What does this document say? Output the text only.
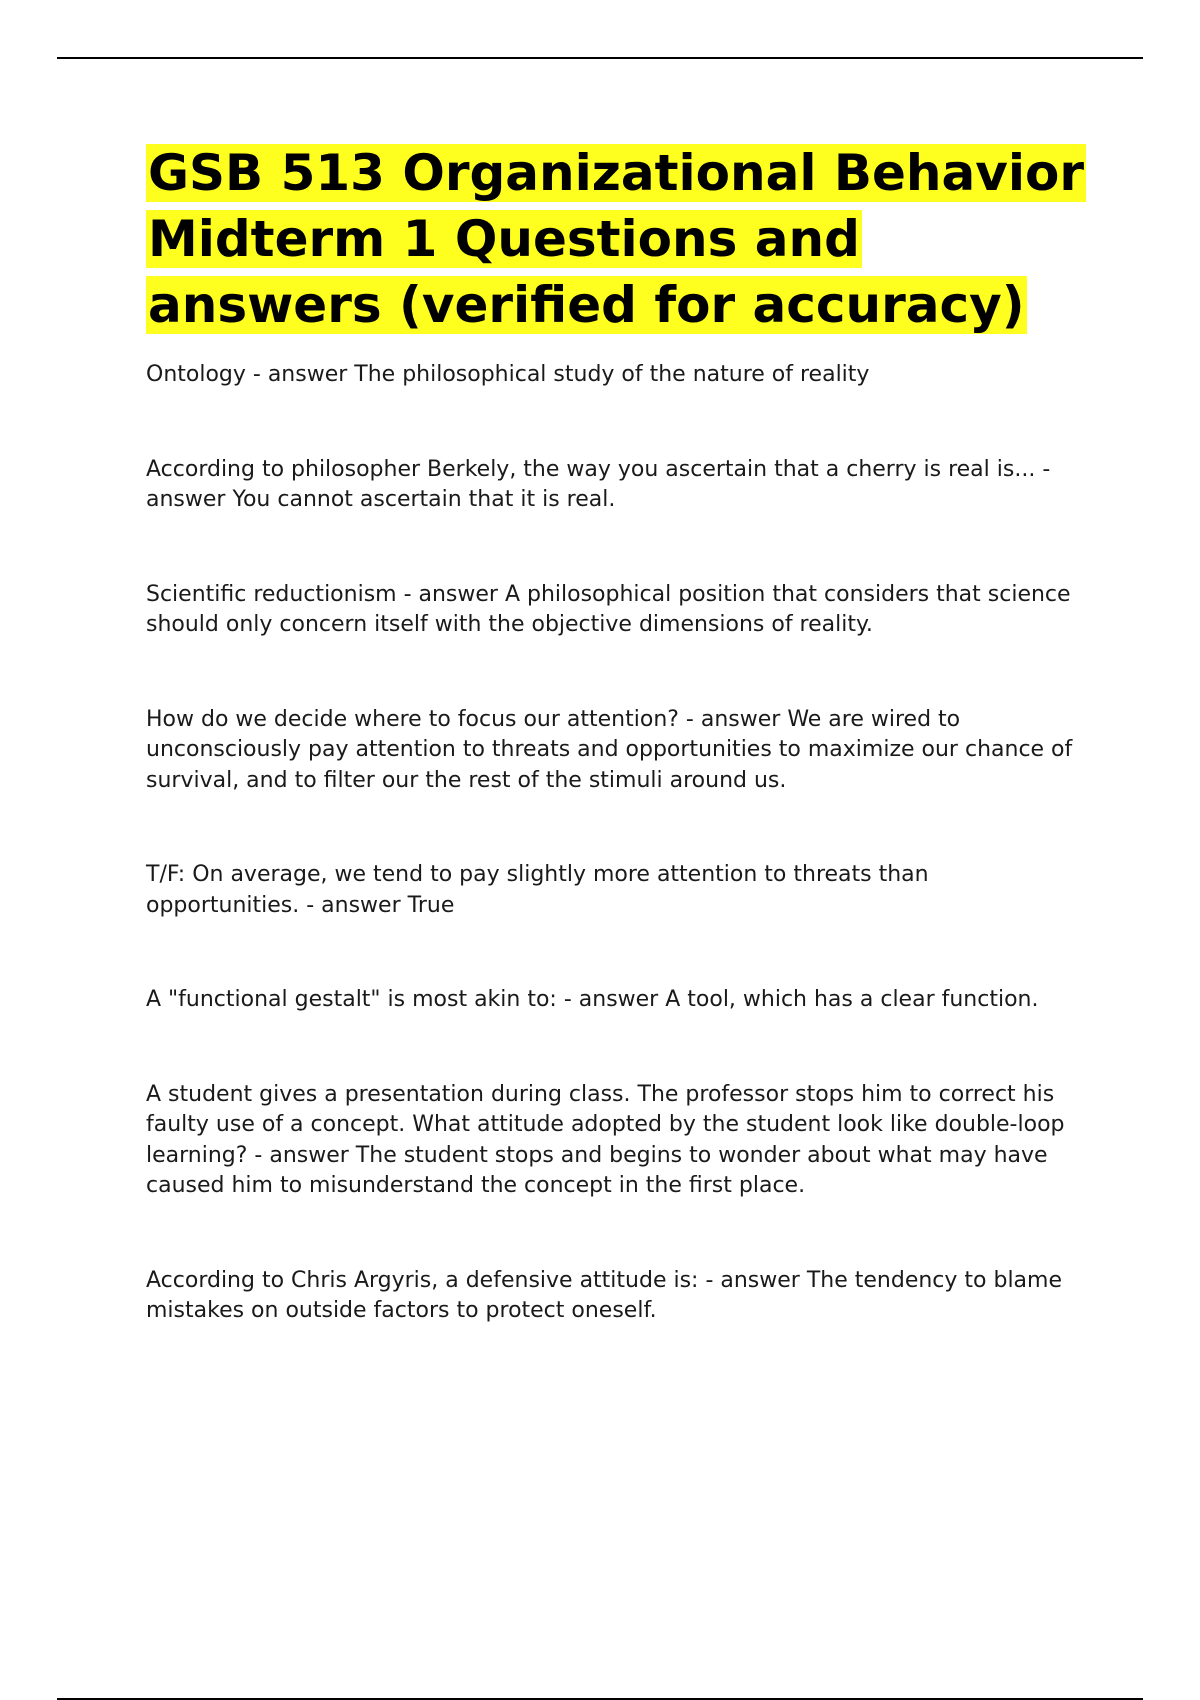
GSB 513 Organizational Behavior Midterm 1 Questions and answers (verified for accuracy)

Ontology - answer The philosophical study of the nature of reality

According to philosopher Berkely, the way you ascertain that a cherry is real is... - answer You cannot ascertain that it is real.

Scientific reductionism - answer A philosophical position that considers that science should only concern itself with the objective dimensions of reality.

How do we decide where to focus our attention? - answer We are wired to unconsciously pay attention to threats and opportunities to maximize our chance of survival, and to filter our the rest of the stimuli around us.

T/F: On average, we tend to pay slightly more attention to threats than opportunities. - answer True

A "functional gestalt" is most akin to: - answer A tool, which has a clear function.

A student gives a presentation during class. The professor stops him to correct his faulty use of a concept. What attitude adopted by the student look like double-loop learning? - answer The student stops and begins to wonder about what may have caused him to misunderstand the concept in the first place.

According to Chris Argyris, a defensive attitude is: - answer The tendency to blame mistakes on outside factors to protect oneself.
